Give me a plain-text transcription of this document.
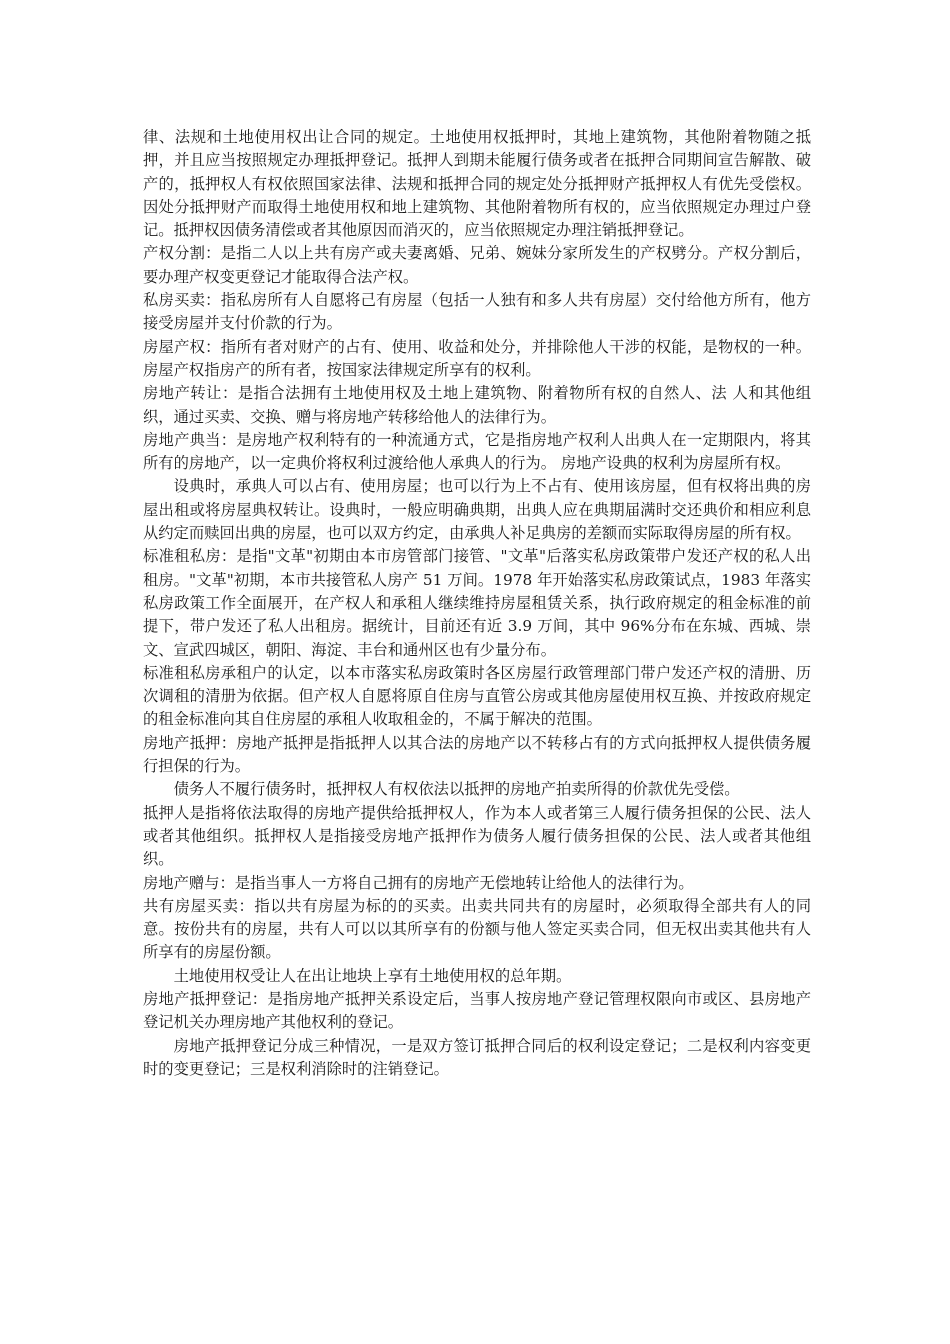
律、法规和土地使用权出让合同的规定。土地使用权抵押时，其地上建筑物，其他附着物随之抵押，并且应当按照规定办理抵押登记。抵押人到期未能履行债务或者在抵押合同期间宣告解散、破产的，抵押权人有权依照国家法律、法规和抵押合同的规定处分抵押财产抵押权人有优先受偿权。因处分抵押财产而取得土地使用权和地上建筑物、其他附着物所有权的，应当依照规定办理过户登记。抵押权因债务清偿或者其他原因而消灭的，应当依照规定办理注销抵押登记。

产权分割：是指二人以上共有房产或夫妻离婚、兄弟、婉妹分家所发生的产权劈分。产权分割后，要办理产权变更登记才能取得合法产权。

私房买卖：指私房所有人自愿将己有房屋（包括一人独有和多人共有房屋）交付给他方所有，他方接受房屋并支付价款的行为。

房屋产权：指所有者对财产的占有、使用、收益和处分，并排除他人干涉的权能，是物权的一种。房屋产权指房产的所有者，按国家法律规定所享有的权利。

房地产转让：是指合法拥有土地使用权及土地上建筑物、附着物所有权的自然人、法 人和其他组织，通过买卖、交换、赠与将房地产转移给他人的法律行为。

房地产典当：是房地产权利特有的一种流通方式，它是指房地产权利人出典人在一定期限内，将其所有的房地产，以一定典价将权利过渡给他人承典人的行为。 房地产设典的权利为房屋所有权。

设典时，承典人可以占有、使用房屋；也可以行为上不占有、使用该房屋，但有权将出典的房屋出租或将房屋典权转让。设典时，一般应明确典期，出典人应在典期届满时交还典价和相应利息从约定而赎回出典的房屋，也可以双方约定，由承典人补足典房的差额而实际取得房屋的所有权。

标准租私房：是指"文革"初期由本市房管部门接管、"文革"后落实私房政策带户发还产权的私人出租房。"文革"初期，本市共接管私人房产 51 万间。1978 年开始落实私房政策试点，1983 年落实私房政策工作全面展开，在产权人和承租人继续维持房屋租赁关系，执行政府规定的租金标准的前提下，带户发还了私人出租房。据统计，目前还有近 3.9 万间，其中 96%分布在东城、西城、崇文、宣武四城区，朝阳、海淀、丰台和通州区也有少量分布。

标准租私房承租户的认定，以本市落实私房政策时各区房屋行政管理部门带户发还产权的清册、历次调租的清册为依据。但产权人自愿将原自住房与直管公房或其他房屋使用权互换、并按政府规定的租金标准向其自住房屋的承租人收取租金的，不属于解决的范围。

房地产抵押：房地产抵押是指抵押人以其合法的房地产以不转移占有的方式向抵押权人提供债务履行担保的行为。

债务人不履行债务时，抵押权人有权依法以抵押的房地产拍卖所得的价款优先受偿。

抵押人是指将依法取得的房地产提供给抵押权人，作为本人或者第三人履行债务担保的公民、法人或者其他组织。抵押权人是指接受房地产抵押作为债务人履行债务担保的公民、法人或者其他组织。

房地产赠与：是指当事人一方将自己拥有的房地产无偿地转让给他人的法律行为。

共有房屋买卖：指以共有房屋为标的的买卖。出卖共同共有的房屋时，必须取得全部共有人的同意。按份共有的房屋，共有人可以以其所享有的份额与他人签定买卖合同，但无权出卖其他共有人所享有的房屋份额。

土地使用权受让人在出让地块上享有土地使用权的总年期。

房地产抵押登记：是指房地产抵押关系设定后，当事人按房地产登记管理权限向市或区、县房地产登记机关办理房地产其他权利的登记。

房地产抵押登记分成三种情况，一是双方签订抵押合同后的权利设定登记；二是权利内容变更时的变更登记；三是权利消除时的注销登记。
